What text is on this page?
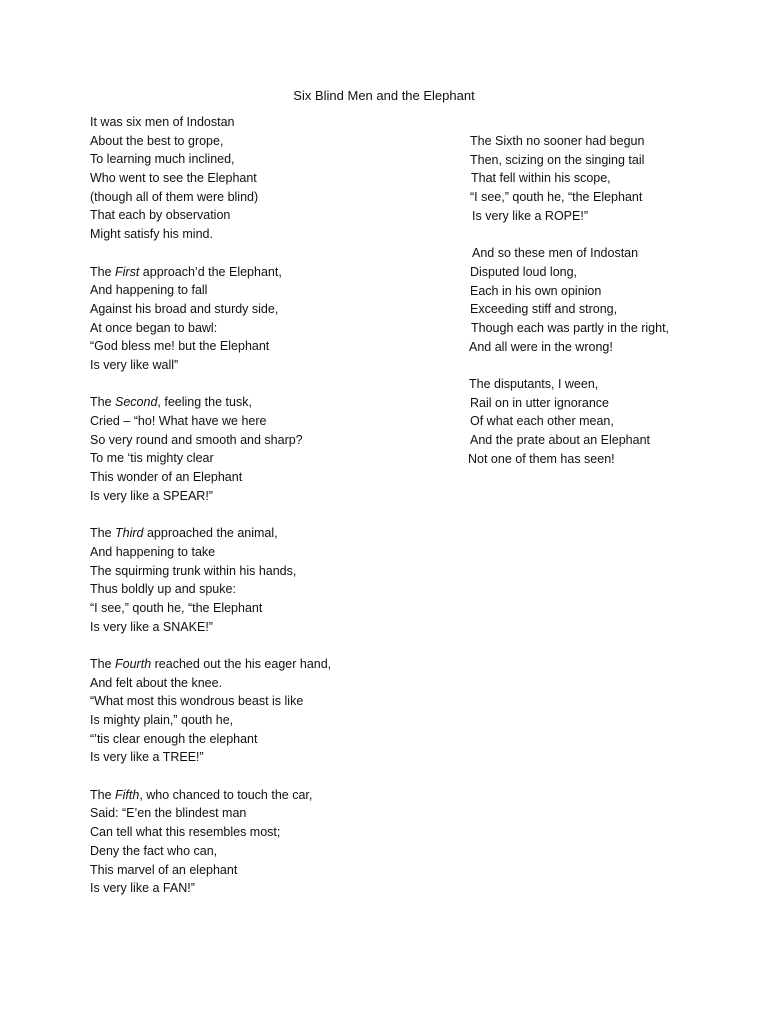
Six Blind Men and the Elephant
It was six men of Indostan
About the best to grope,
To learning much inclined,
Who went to see the Elephant
(though all of them were blind)
That each by observation
Might satisfy his mind.
The First approach’d the Elephant,
And happening to fall
Against his broad and sturdy side,
At once began to bawl:
“God bless me! but the Elephant
Is very like wall”
The Second, feeling the tusk,
Cried – “ho! What have we here
So very round and smooth and sharp?
To me ‘tis mighty clear
This wonder of an Elephant
Is very like a SPEAR!”
The Third approached the animal,
And happening to take
The squirming trunk within his hands,
Thus boldly up and spuke:
“I see,” qouth he, “the Elephant
Is very like a SNAKE!”
The Fourth reached out the his eager hand,
And felt about the knee.
“What most this wondrous beast is like
Is mighty plain,” qouth he,
“’tis clear enough the elephant
Is very like a TREE!”
The Fifth, who chanced to touch the car,
Said: “E’en the blindest man
Can tell what this resembles most;
Deny the fact who can,
This marvel of an elephant
Is very like a FAN!”
The Sixth no sooner had begun
Then, scizing on the singing tail
That fell within his scope,
“I see,” qouth he, “the Elephant
Is very like a ROPE!”
And so these men of Indostan
Disputed loud long,
Each in his own opinion
Exceeding stiff and strong,
Though each was partly in the right,
And all were in the wrong!
The disputants, I ween,
Rail on in utter ignorance
Of what each other mean,
And the prate about an Elephant
Not one of them has seen!
